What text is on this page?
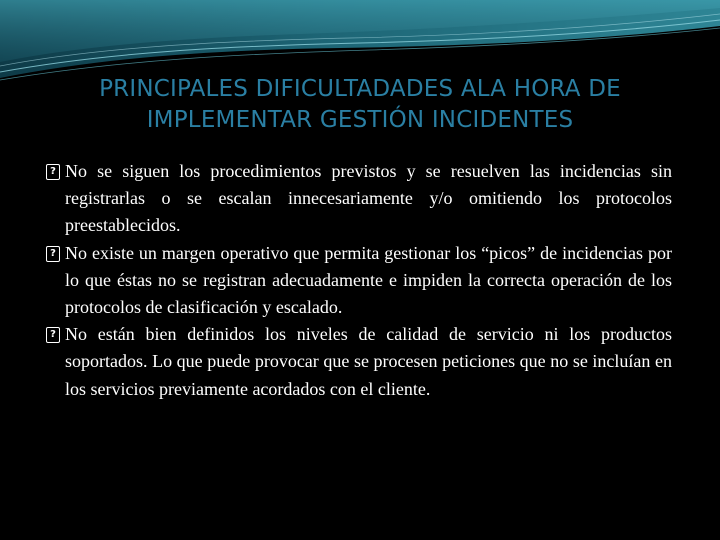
PRINCIPALES DIFICULTADADES ALA HORA DE IMPLEMENTAR GESTIÓN INCIDENTES
? No se siguen los procedimientos previstos y se resuelven las incidencias sin registrarlas o se escalan innecesariamente y/o omitiendo los protocolos preestablecidos.
? No existe un margen operativo que permita gestionar los “picos” de incidencias por lo que éstas no se registran adecuadamente e impiden la correcta operación de los protocolos de clasificación y escalado.
? No están bien definidos los niveles de calidad de servicio ni los productos soportados. Lo que puede provocar que se procesen peticiones que no se incluían en los servicios previamente acordados con el cliente.
